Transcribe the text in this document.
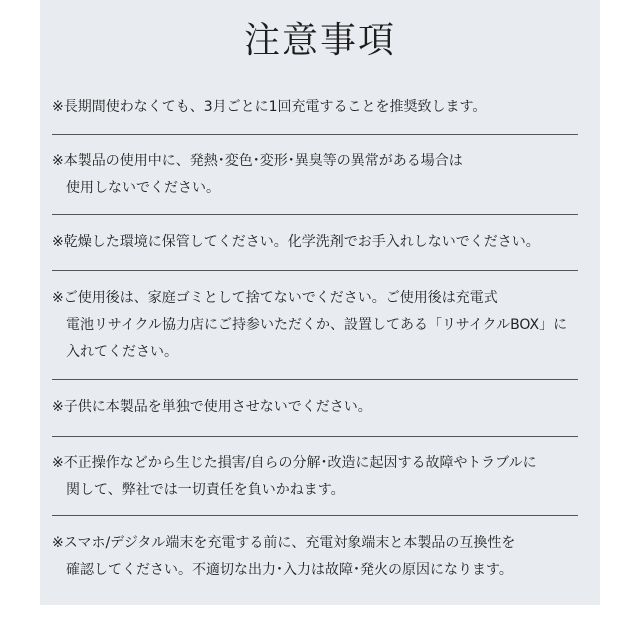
注意事項
※長期間使わなくても、3月ごとに1回充電することを推奨致します。
※本製品の使用中に、発熱･変色･変形･異臭等の異常がある場合は
使用しないでください。
※乾燥した環境に保管してください。化学洗剤でお手入れしないでください。
※ご使用後は、家庭ゴミとして捨てないでください。ご使用後は充電式
電池リサイクル協力店にご持参いただくか、設置してある「リサイクルBOX」に
入れてください。
※子供に本製品を単独で使用させないでください。
※不正操作などから生じた損害/自らの分解･改造に起因する故障やトラブルに
関して、弊社では一切責任を負いかねます。
※スマホ/デジタル端末を充電する前に、充電対象端末と本製品の互換性を
確認してください。不適切な出力･入力は故障･発火の原因になります。
